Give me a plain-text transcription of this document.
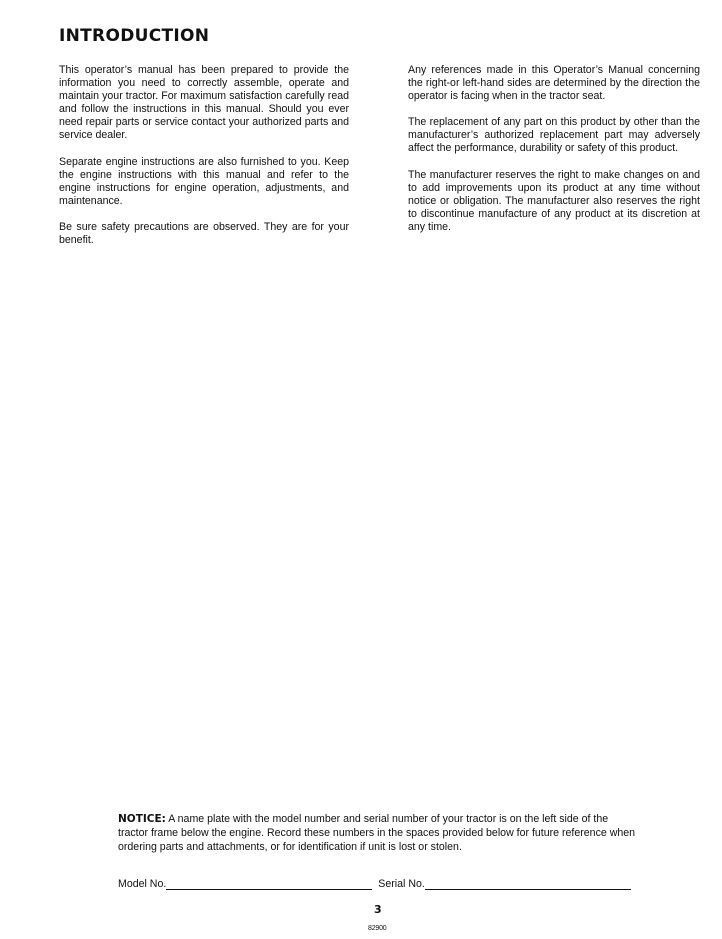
INTRODUCTION

This operator’s manual has been prepared to provide the information you need to correctly assemble, operate and maintain your tractor. For maximum satisfaction carefully read and follow the instructions in this manual. Should you ever need repair parts or service contact your authorized parts and service dealer.

Separate engine instructions are also furnished to you. Keep the engine instructions with this manual and refer to the engine instructions for engine operation, adjustments, and maintenance.

Be sure safety precautions are observed. They are for your benefit.

Any references made in this Operator’s Manual concerning the right-or left-hand sides are determined by the direction the operator is facing when in the tractor seat.

The replacement of any part on this product by other than the manufacturer’s authorized replacement part may adversely affect the performance, durability or safety of this product.

The manufacturer reserves the right to make changes on and to add improvements upon its product at any time without notice or obligation. The manufacturer also reserves the right to discontinue manufacture of any product at its discretion at any time.

NOTICE: A name plate with the model number and serial number of your tractor is on the left side of the tractor frame below the engine. Record these numbers in the spaces provided below for future reference when ordering parts and attachments, or for identification if unit is lost or stolen.
Model No.	Serial No.
3
82900
